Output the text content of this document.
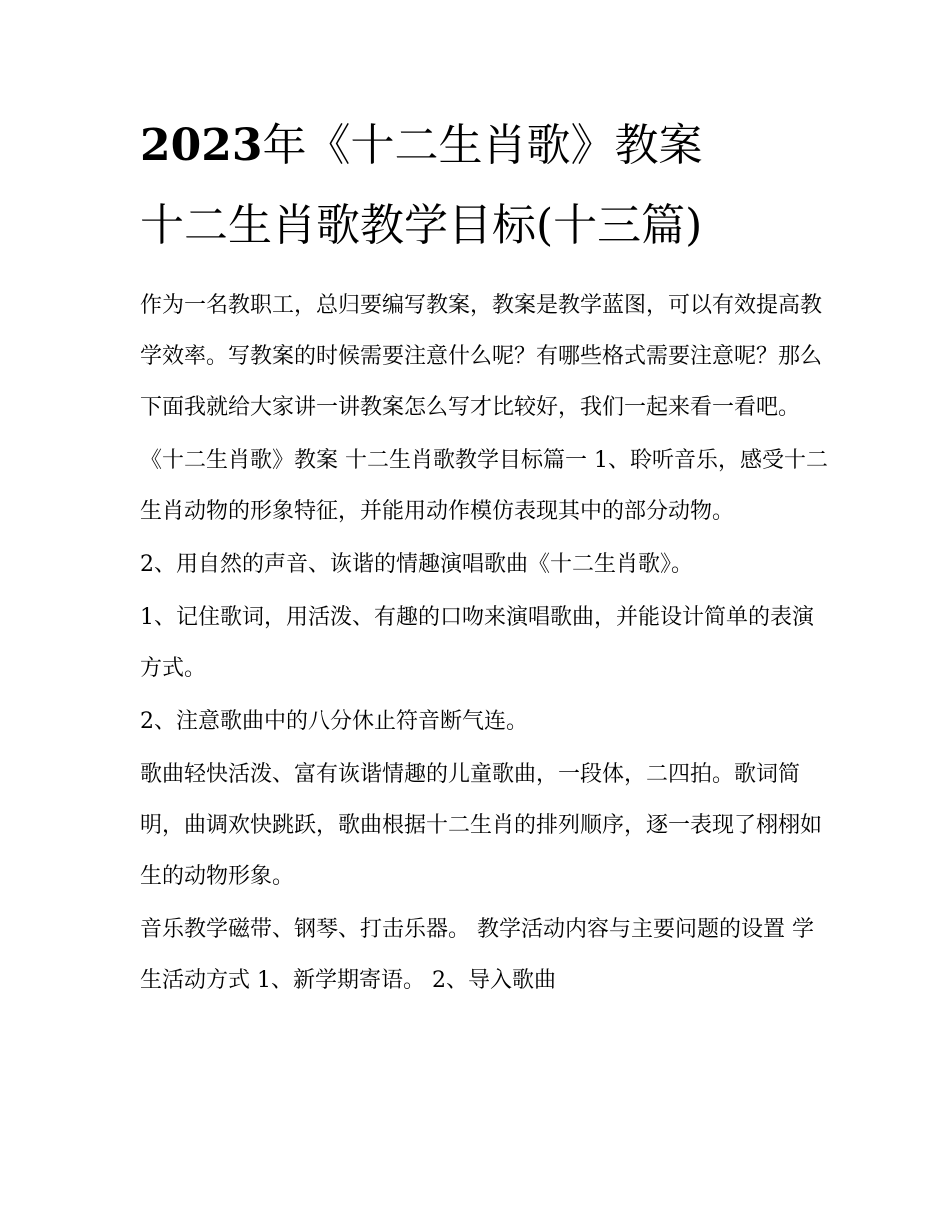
2023年《十二生肖歌》教案
十二生肖歌教学目标(十三篇)

作为一名教职工，总归要编写教案，教案是教学蓝图，可以有效提高教学效率。写教案的时候需要注意什么呢？有哪些格式需要注意呢？那么下面我就给大家讲一讲教案怎么写才比较好，我们一起来看一看吧。

《十二生肖歌》教案 十二生肖歌教学目标篇一 1、聆听音乐，感受十二生肖动物的形象特征，并能用动作模仿表现其中的部分动物。

2、用自然的声音、诙谐的情趣演唱歌曲《十二生肖歌》。

1、记住歌词，用活泼、有趣的口吻来演唱歌曲，并能设计简单的表演方式。

2、注意歌曲中的八分休止符音断气连。

歌曲轻快活泼、富有诙谐情趣的儿童歌曲，一段体，二四拍。歌词简明，曲调欢快跳跃，歌曲根据十二生肖的排列顺序，逐一表现了栩栩如生的动物形象。

音乐教学磁带、钢琴、打击乐器。 教学活动内容与主要问题的设置 学生活动方式 1、新学期寄语。 2、导入歌曲
